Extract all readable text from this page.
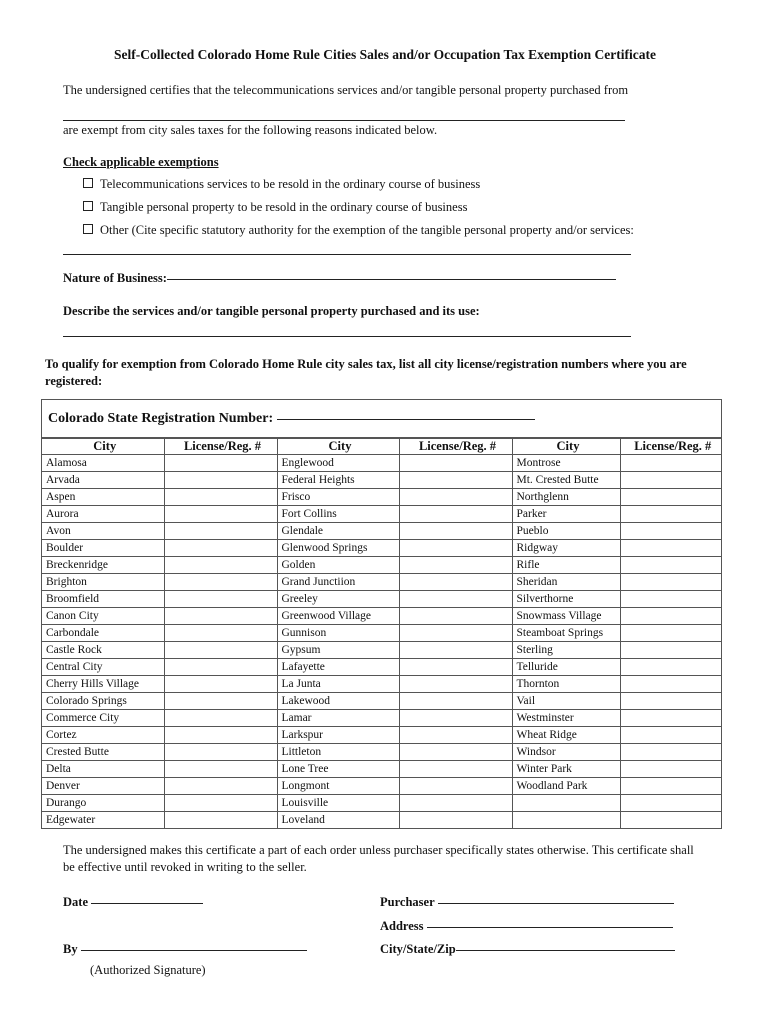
Self-Collected Colorado Home Rule Cities Sales and/or Occupation Tax Exemption Certificate
The undersigned certifies that the telecommunications services and/or tangible personal property purchased from
are exempt from city sales taxes for the following reasons indicated below.
Check applicable exemptions
Telecommunications services to be resold in the ordinary course of business
Tangible personal property to be resold in the ordinary course of business
Other (Cite specific statutory authority for the exemption of the tangible personal property and/or services:
Nature of Business:
Describe the services and/or tangible personal property purchased and its use:
To qualify for exemption from Colorado Home Rule city sales tax, list all city license/registration numbers where you are registered:
Colorado State Registration Number:
City	License/Reg. #	City	License/Reg. #	City	License/Reg. #
Alamosa		Englewood		Montrose	
Arvada		Federal Heights		Mt. Crested Butte	
Aspen		Frisco		Northglenn	
Aurora		Fort Collins		Parker	
Avon		Glendale		Pueblo	
Boulder		Glenwood Springs		Ridgway	
Breckenridge		Golden		Rifle	
Brighton		Grand Junctiion		Sheridan	
Broomfield		Greeley		Silverthorne	
Canon City		Greenwood Village		Snowmass Village	
Carbondale		Gunnison		Steamboat Springs	
Castle Rock		Gypsum		Sterling	
Central City		Lafayette		Telluride	
Cherry Hills Village		La Junta		Thornton	
Colorado Springs		Lakewood		Vail	
Commerce City		Lamar		Westminster	
Cortez		Larkspur		Wheat Ridge	
Crested Butte		Littleton		Windsor	
Delta		Lone Tree		Winter Park	
Denver		Longmont		Woodland Park	
Durango		Louisville			
Edgewater		Loveland			
The undersigned makes this certificate a part of each order unless purchaser specifically states otherwise. This certificate shall be effective until revoked in writing to the seller.
Date
By
(Authorized Signature)
Purchaser
Address
City/State/Zip
